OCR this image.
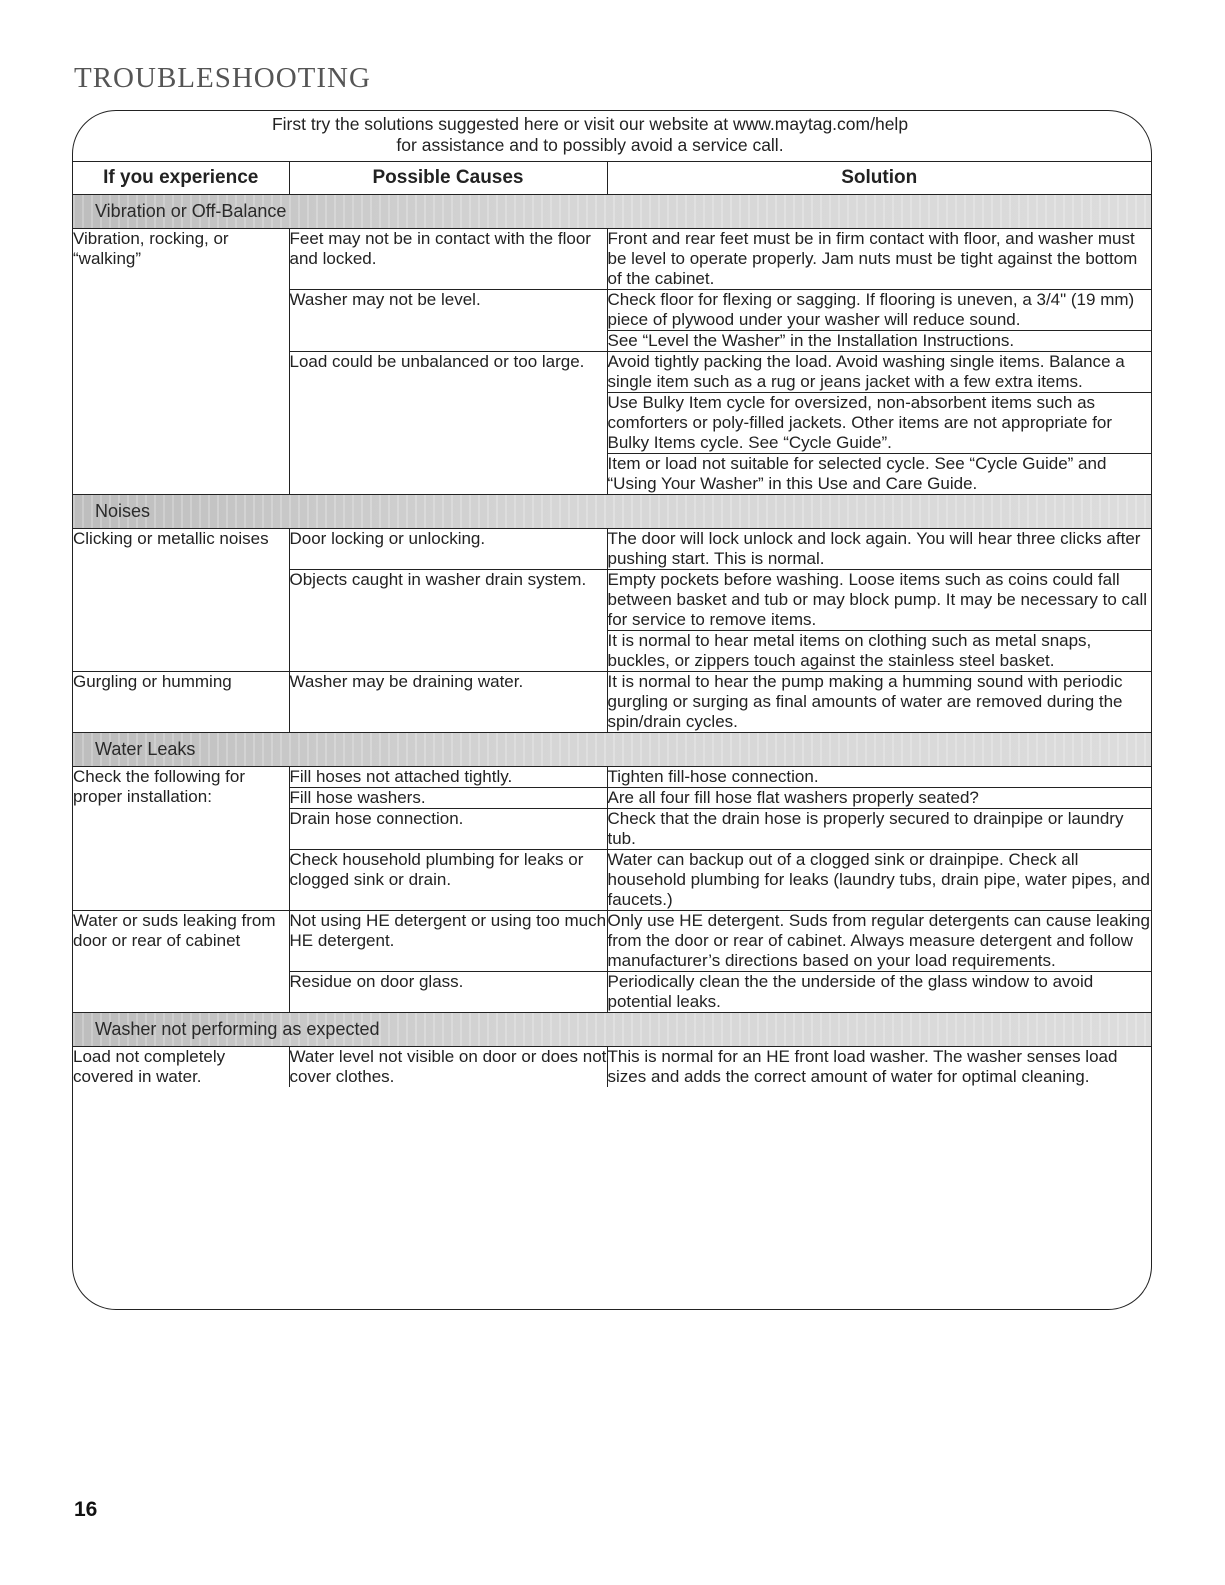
TROUBLESHOOTING
First try the solutions suggested here or visit our website at www.maytag.com/help
for assistance and to possibly avoid a service call.
If you experience	Possible Causes	Solution
Vibration or Off-Balance		
Vibration, rocking, or “walking”	Feet may not be in contact with the floor and locked.	Front and rear feet must be in firm contact with floor, and washer must be level to operate properly. Jam nuts must be tight against the bottom of the cabinet.
	Washer may not be level.	Check floor for flexing or sagging. If flooring is uneven, a 3/4" (19 mm) piece of plywood under your washer will reduce sound.
		See “Level the Washer” in the Installation Instructions.
	Load could be unbalanced or too large.	Avoid tightly packing the load. Avoid washing single items. Balance a single item such as a rug or jeans jacket with a few extra items.
		Use Bulky Item cycle for oversized, non-absorbent items such as comforters or poly-filled jackets. Other items are not appropriate for Bulky Items cycle. See “Cycle Guide”.
		Item or load not suitable for selected cycle. See “Cycle Guide” and “Using Your Washer” in this Use and Care Guide.
Noises		
Clicking or metallic noises	Door locking or unlocking.	The door will lock unlock and lock again. You will hear three clicks after pushing start. This is normal.
	Objects caught in washer drain system.	Empty pockets before washing. Loose items such as coins could fall between basket and tub or may block pump. It may be necessary to call for service to remove items.
		It is normal to hear metal items on clothing such as metal snaps, buckles, or zippers touch against the stainless steel basket.
Gurgling or humming	Washer may be draining water.	It is normal to hear the pump making a humming sound with periodic gurgling or surging as final amounts of water are removed during the spin/drain cycles.
Water Leaks		
Check the following for proper installation:	Fill hoses not attached tightly.	Tighten fill-hose connection.
	Fill hose washers.	Are all four fill hose flat washers properly seated?
	Drain hose connection.	Check that the drain hose is properly secured to drainpipe or laundry tub.
	Check household plumbing for leaks or clogged sink or drain.	Water can backup out of a clogged sink or drainpipe. Check all household plumbing for leaks (laundry tubs, drain pipe, water pipes, and faucets.)
Water or suds leaking from door or rear of cabinet	Not using HE detergent or using too much HE detergent.	Only use HE detergent. Suds from regular detergents can cause leaking from the door or rear of cabinet. Always measure detergent and follow manufacturer’s directions based on your load requirements.
	Residue on door glass.	Periodically clean the the underside of the glass window to avoid potential leaks.
Washer not performing as expected		
Load not completely covered in water.	Water level not visible on door or does not cover clothes.	This is normal for an HE front load washer. The washer senses load sizes and adds the correct amount of water for optimal cleaning.
16
